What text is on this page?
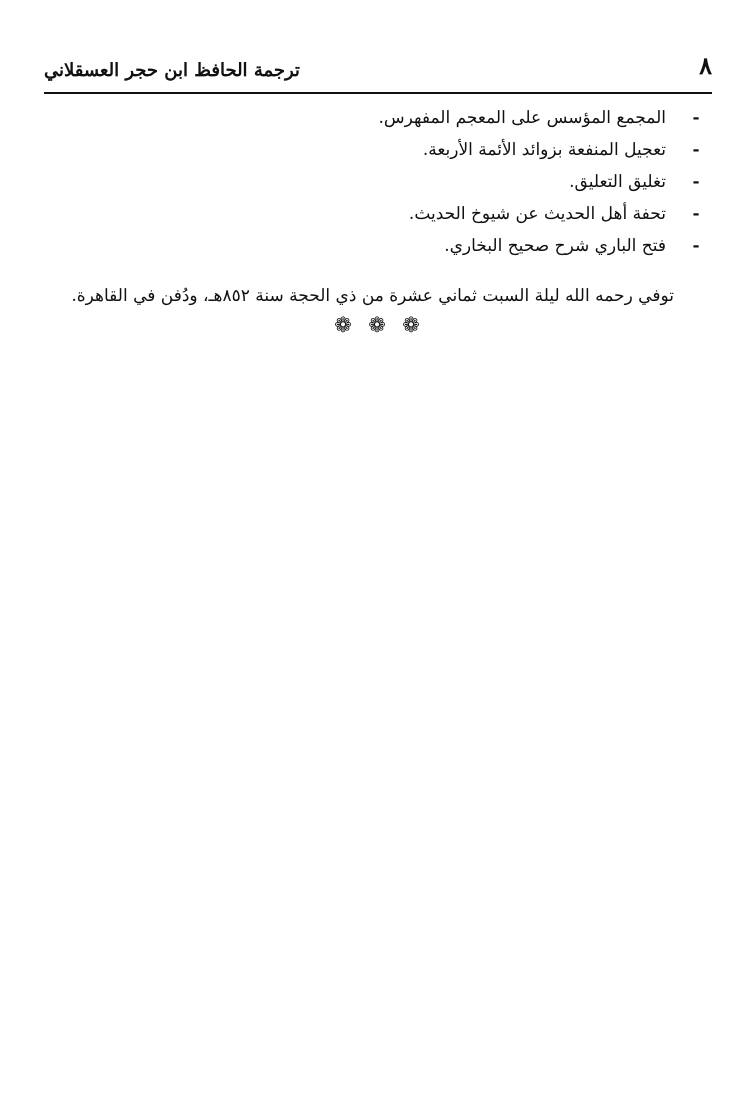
٨
ترجمة الحافظ ابن حجر العسقلاني
-
المجمع المؤسس على المعجم المفهرس.
-
تعجيل المنفعة بزوائد الأئمة الأربعة.
-
تغليق التعليق.
-
تحفة أهل الحديث عن شيوخ الحديث.
-
فتح الباري شرح صحيح البخاري.

توفي رحمه الله ليلة السبت ثماني عشرة من ذي الحجة سنة ٨٥٢هـ، ودُفن في القاهرة.

❁ ❁ ❁
